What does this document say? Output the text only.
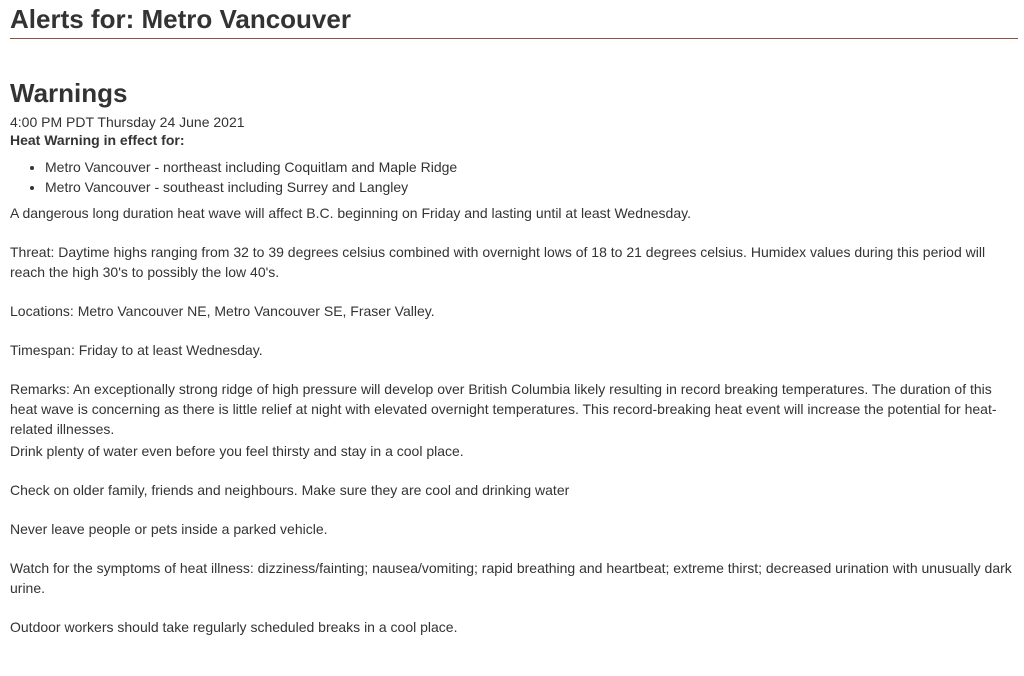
Alerts for: Metro Vancouver
Warnings

4:00 PM PDT Thursday 24 June 2021

Heat Warning in effect for:

• Metro Vancouver - northeast including Coquitlam and Maple Ridge
• Metro Vancouver - southeast including Surrey and Langley

A dangerous long duration heat wave will affect B.C. beginning on Friday and lasting until at least Wednesday.

Threat: Daytime highs ranging from 32 to 39 degrees celsius combined with overnight lows of 18 to 21 degrees celsius. Humidex values during this period will reach the high 30's to possibly the low 40's.

Locations: Metro Vancouver NE, Metro Vancouver SE, Fraser Valley.

Timespan: Friday to at least Wednesday.

Remarks: An exceptionally strong ridge of high pressure will develop over British Columbia likely resulting in record breaking temperatures. The duration of this heat wave is concerning as there is little relief at night with elevated overnight temperatures. This record-breaking heat event will increase the potential for heat-related illnesses.

Drink plenty of water even before you feel thirsty and stay in a cool place.

Check on older family, friends and neighbours. Make sure they are cool and drinking water

Never leave people or pets inside a parked vehicle.

Watch for the symptoms of heat illness: dizziness/fainting; nausea/vomiting; rapid breathing and heartbeat; extreme thirst; decreased urination with unusually dark urine.

Outdoor workers should take regularly scheduled breaks in a cool place.
